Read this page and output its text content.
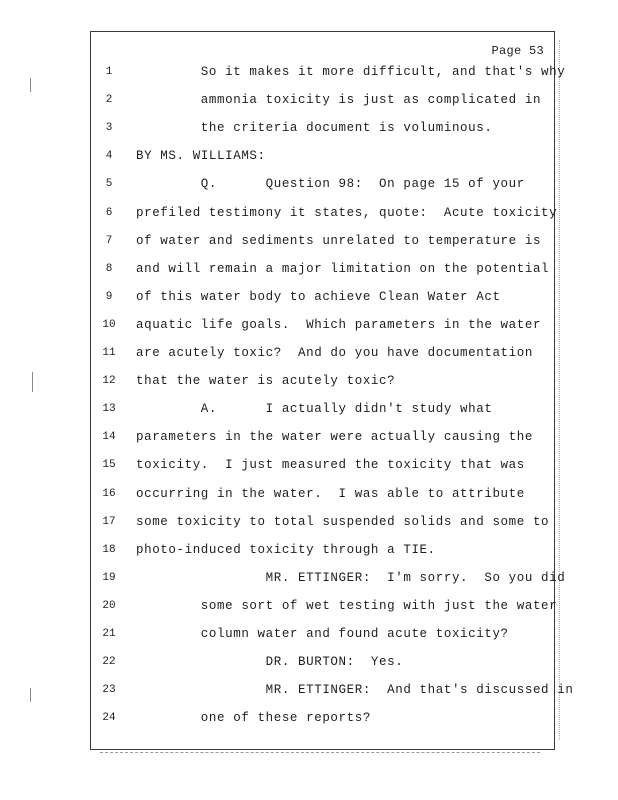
Page 53
1	So it makes it more difficult, and that's why
2	ammonia toxicity is just as complicated in
3	the criteria document is voluminous.
4	BY MS. WILLIAMS:
5	Q.      Question 98:  On page 15 of your
6	prefiled testimony it states, quote:  Acute toxicity
7	of water and sediments unrelated to temperature is
8	and will remain a major limitation on the potential
9	of this water body to achieve Clean Water Act
10	aquatic life goals.  Which parameters in the water
11	are acutely toxic?  And do you have documentation
12	that the water is acutely toxic?
13	A.      I actually didn't study what
14	parameters in the water were actually causing the
15	toxicity.  I just measured the toxicity that was
16	occurring in the water.  I was able to attribute
17	some toxicity to total suspended solids and some to
18	photo-induced toxicity through a TIE.
19	MR. ETTINGER:  I'm sorry.  So you did
20	some sort of wet testing with just the water
21	column water and found acute toxicity?
22	DR. BURTON:  Yes.
23	MR. ETTINGER:  And that's discussed in
24	one of these reports?
